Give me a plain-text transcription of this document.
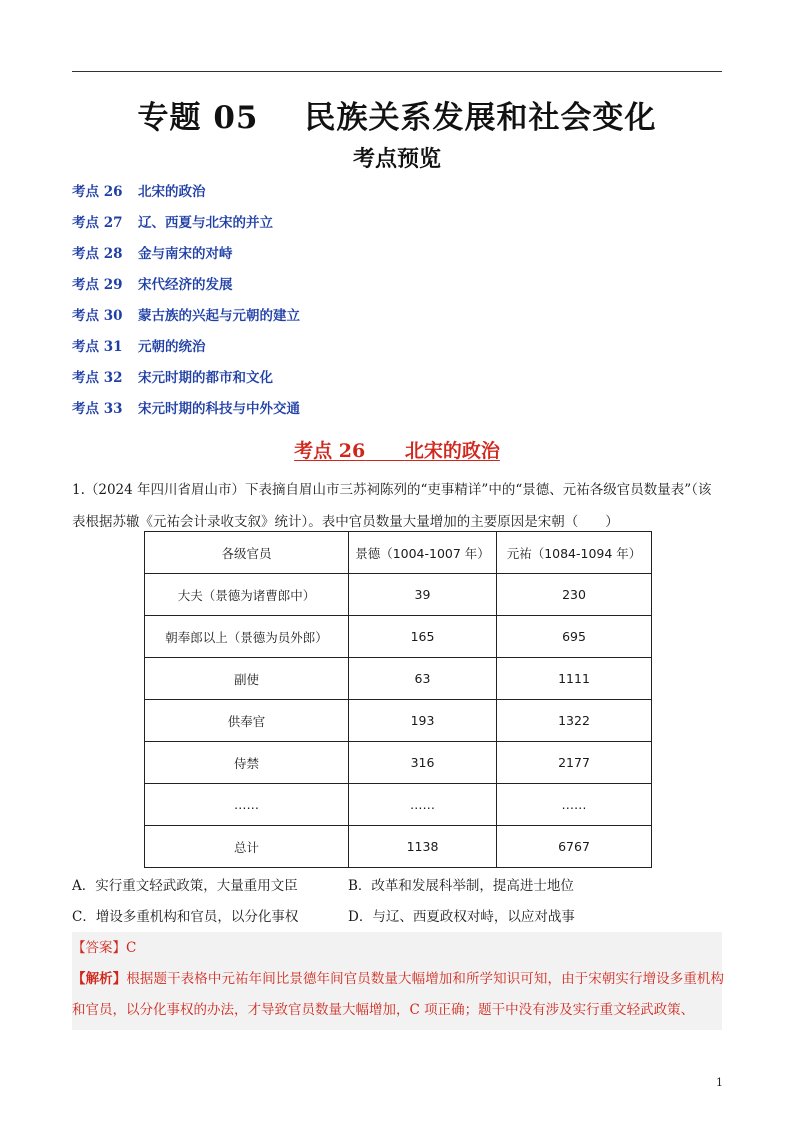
专题 05 民族关系发展和社会变化
考点预览
考点 26 北宋的政治
考点 27 辽、西夏与北宋的并立
考点 28 金与南宋的对峙
考点 29 宋代经济的发展
考点 30 蒙古族的兴起与元朝的建立
考点 31 元朝的统治
考点 32 宋元时期的都市和文化
考点 33 宋元时期的科技与中外交通
考点 26 北宋的政治
1.（2024 年四川省眉山市）下表摘自眉山市三苏祠陈列的“吏事精详”中的“景德、元祐各级官员数量表”（该表根据苏辙《元祐会计录收支叙》统计）。表中官员数量大量增加的主要原因是宋朝（　　）
各级官员	景德（1004-1007 年）	元祐（1084-1094 年）
大夫（景德为诸曹郎中）	39	230
朝奉郎以上（景德为员外郎）	165	695
副使	63	1111
供奉官	193	1322
侍禁	316	2177
……	……	……
总计	1138	6767
A．实行重文轻武政策，大量重用文臣	B．改革和发展科举制，提高进士地位
C．增设多重机构和官员，以分化事权	D．与辽、西夏政权对峙，以应对战事
【答案】C
【解析】根据题干表格中元祐年间比景德年间官员数量大幅增加和所学知识可知，由于宋朝实行增设多重机构和官员，以分化事权的办法，才导致官员数量大幅增加，C 项正确；题干中没有涉及实行重文轻武政策、
1
